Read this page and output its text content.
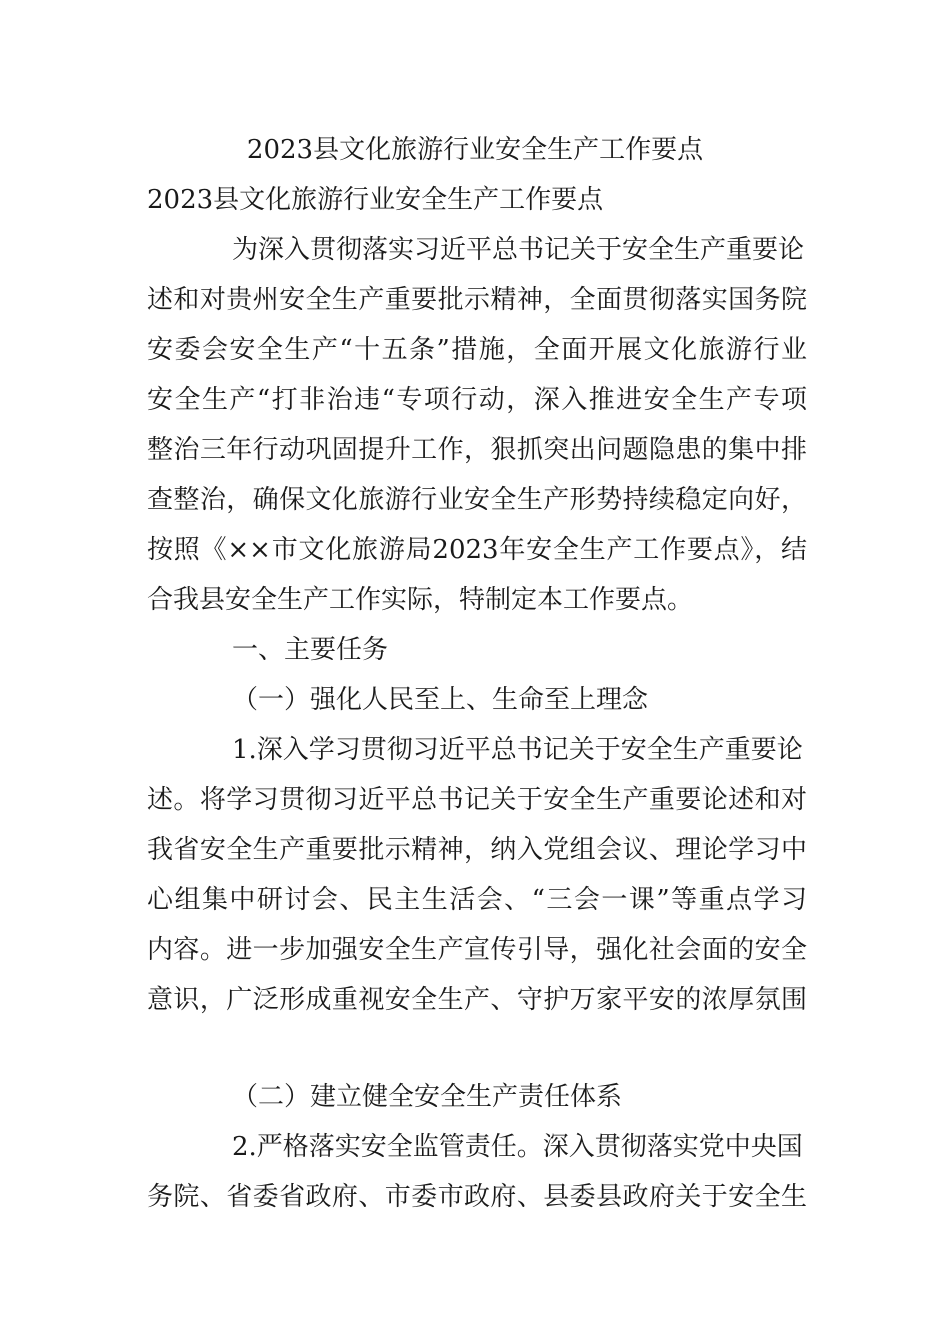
2023县文化旅游行业安全生产工作要点
2023县文化旅游行业安全生产工作要点
为深入贯彻落实习近平总书记关于安全生产重要论
述和对贵州安全生产重要批示精神，全面贯彻落实国务院
安委会安全生产“十五条”措施，全面开展文化旅游行业
安全生产“打非治违“专项行动，深入推进安全生产专项
整治三年行动巩固提升工作，狠抓突出问题隐患的集中排
查整治，确保文化旅游行业安全生产形势持续稳定向好，
按照《××市文化旅游局2023年安全生产工作要点》，结
合我县安全生产工作实际，特制定本工作要点。
一、主要任务
（一）强化人民至上、生命至上理念
1.深入学习贯彻习近平总书记关于安全生产重要论
述。将学习贯彻习近平总书记关于安全生产重要论述和对
我省安全生产重要批示精神，纳入党组会议、理论学习中
心组集中研讨会、民主生活会、“三会一课”等重点学习
内容。进一步加强安全生产宣传引导，强化社会面的安全
意识，广泛形成重视安全生产、守护万家平安的浓厚氛围
（二）建立健全安全生产责任体系
2.严格落实安全监管责任。深入贯彻落实党中央国
务院、省委省政府、市委市政府、县委县政府关于安全生
